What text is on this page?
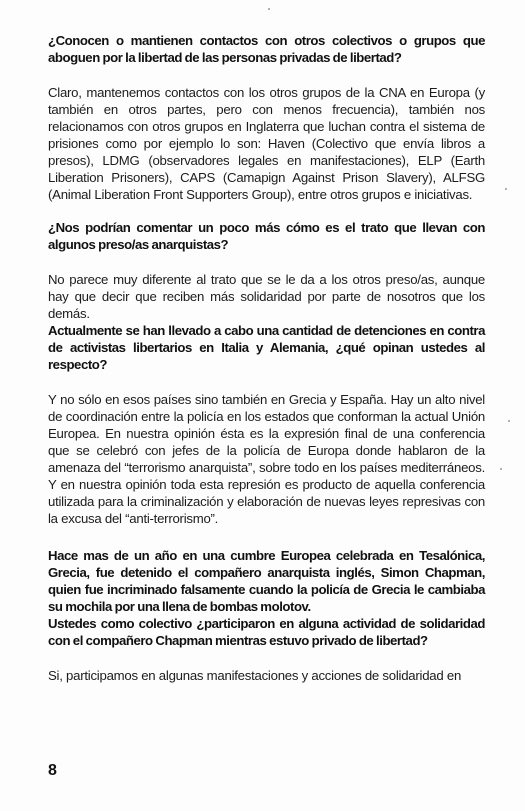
¿Conocen o mantienen contactos con otros colectivos o grupos que aboguen por la libertad de las personas privadas de libertad?

Claro, mantenemos contactos con los otros grupos de la CNA en Europa (y también en otros partes, pero con menos frecuencia), también nos relacionamos con otros grupos en Inglaterra que luchan contra el sistema de prisiones como por ejemplo lo son: Haven (Colectivo que envía libros a presos), LDMG (observadores legales en manifestaciones), ELP (Earth Liberation Prisoners), CAPS (Camapign Against Prison Slavery), ALFSG (Animal Liberation Front Supporters Group), entre otros grupos e iniciativas.

¿Nos podrían comentar un poco más cómo es el trato que llevan con algunos preso/as anarquistas?

No parece muy diferente al trato que se le da a los otros preso/as, aunque hay que decir que reciben más solidaridad por parte de nosotros que los demás.

Actualmente se han llevado a cabo una cantidad de detenciones en contra de activistas libertarios en Italia y Alemania, ¿qué opinan ustedes al respecto?

Y no sólo en esos países sino también en Grecia y España. Hay un alto nivel de coordinación entre la policía en los estados que conforman la actual Unión Europea. En nuestra opinión ésta es la expresión final de una conferencia que se celebró con jefes de la policía de Europa donde hablaron de la amenaza del “terrorismo anarquista”, sobre todo en los países mediterráneos. Y en nuestra opinión toda esta represión es producto de aquella conferencia utilizada para la criminalización y elaboración de nuevas leyes represivas con la excusa del “anti-terrorismo”.

Hace mas de un año en una cumbre Europea celebrada en Tesalónica, Grecia, fue detenido el compañero anarquista inglés, Simon Chapman, quien fue incriminado falsamente cuando la policía de Grecia le cambiaba su mochila por una llena de bombas molotov.

Ustedes como colectivo ¿participaron en alguna actividad de solidaridad con el compañero Chapman mientras estuvo privado de libertad?

Si, participamos en algunas manifestaciones y acciones de solidaridad en

8
